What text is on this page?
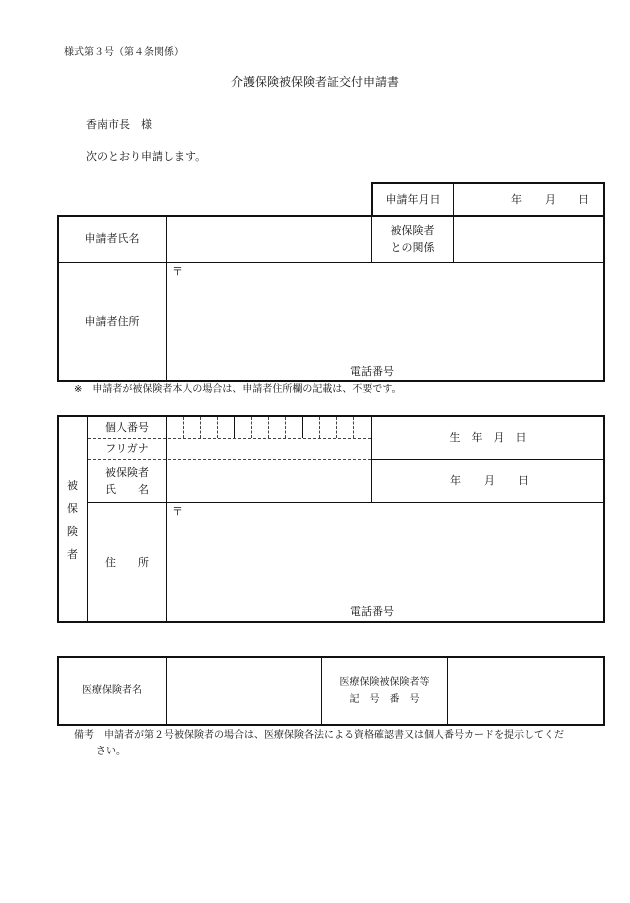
様式第３号（第４条関係）
介護保険被保険者証交付申請書
香南市長　様
次のとおり申請します。
申請年月日	年 月 日
申請者氏名
被保険者
との関係
申請者住所
〒
電話番号
※　申請者が被保険者本人の場合は、申請者住所欄の記載は、不要です。
被
保
険
者
個人番号
フリガナ
被保険者
氏　　名
住　　所
〒
電話番号
生　年　月　日
年 月 日
医療保険者名
医療保険被保険者等
記　号　番　号
備考　申請者が第２号被保険者の場合は、医療保険各法による資格確認書又は個人番号カードを提示してくだ
さい。
